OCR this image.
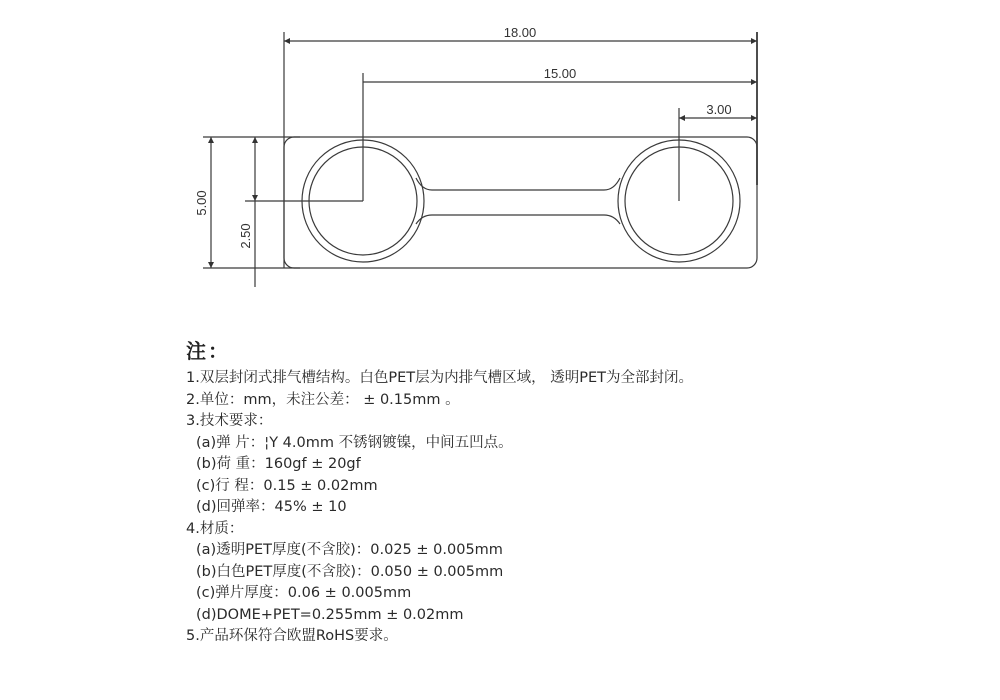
18.00
15.00
3.00
5.00
2.50
注：
1.双层封闭式排气槽结构。白色PET层为内排气槽区域， 透明PET为全部封闭。
2.单位：mm，未注公差： ± 0.15mm 。
3.技术要求：
(a)弹 片：¦Y 4.0mm 不锈钢镀镍，中间五凹点。
(b)荷 重：160gf ± 20gf
(c)行 程：0.15 ± 0.02mm
(d)回弹率：45% ± 10
4.材质：
(a)透明PET厚度(不含胶)：0.025 ± 0.005mm
(b)白色PET厚度(不含胶)：0.050 ± 0.005mm
(c)弹片厚度：0.06 ± 0.005mm
(d)DOME+PET=0.255mm ± 0.02mm
5.产品环保符合欧盟RoHS要求。
